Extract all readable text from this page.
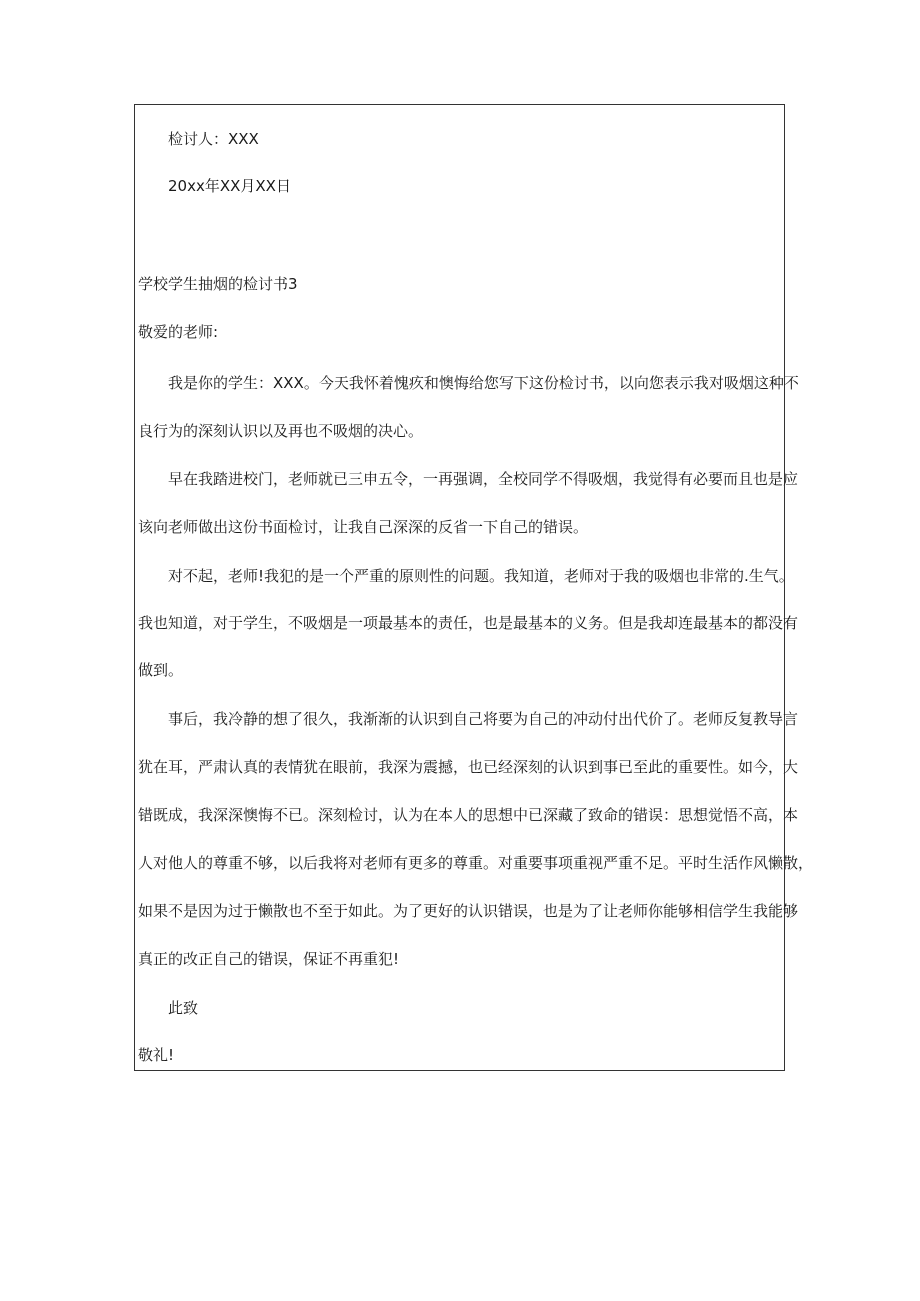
检讨人：XXX
20xx年XX月XX日
学校学生抽烟的检讨书3
敬爱的老师:
我是你的学生：XXX。今天我怀着愧疚和懊悔给您写下这份检讨书，以向您表示我对吸烟这种不
良行为的深刻认识以及再也不吸烟的决心。
早在我踏进校门，老师就已三申五令，一再强调，全校同学不得吸烟，我觉得有必要而且也是应
该向老师做出这份书面检讨，让我自己深深的反省一下自己的错误。
对不起，老师!我犯的是一个严重的原则性的问题。我知道，老师对于我的吸烟也非常的.生气。
我也知道，对于学生，不吸烟是一项最基本的责任，也是最基本的义务。但是我却连最基本的都没有
做到。
事后，我冷静的想了很久，我渐渐的认识到自己将要为自己的冲动付出代价了。老师反复教导言
犹在耳，严肃认真的表情犹在眼前，我深为震撼，也已经深刻的认识到事已至此的重要性。如今，大
错既成，我深深懊悔不已。深刻检讨，认为在本人的思想中已深藏了致命的错误：思想觉悟不高，本
人对他人的尊重不够，以后我将对老师有更多的尊重。对重要事项重视严重不足。平时生活作风懒散，
如果不是因为过于懒散也不至于如此。为了更好的认识错误，也是为了让老师你能够相信学生我能够
真正的改正自己的错误，保证不再重犯!
此致
敬礼!
